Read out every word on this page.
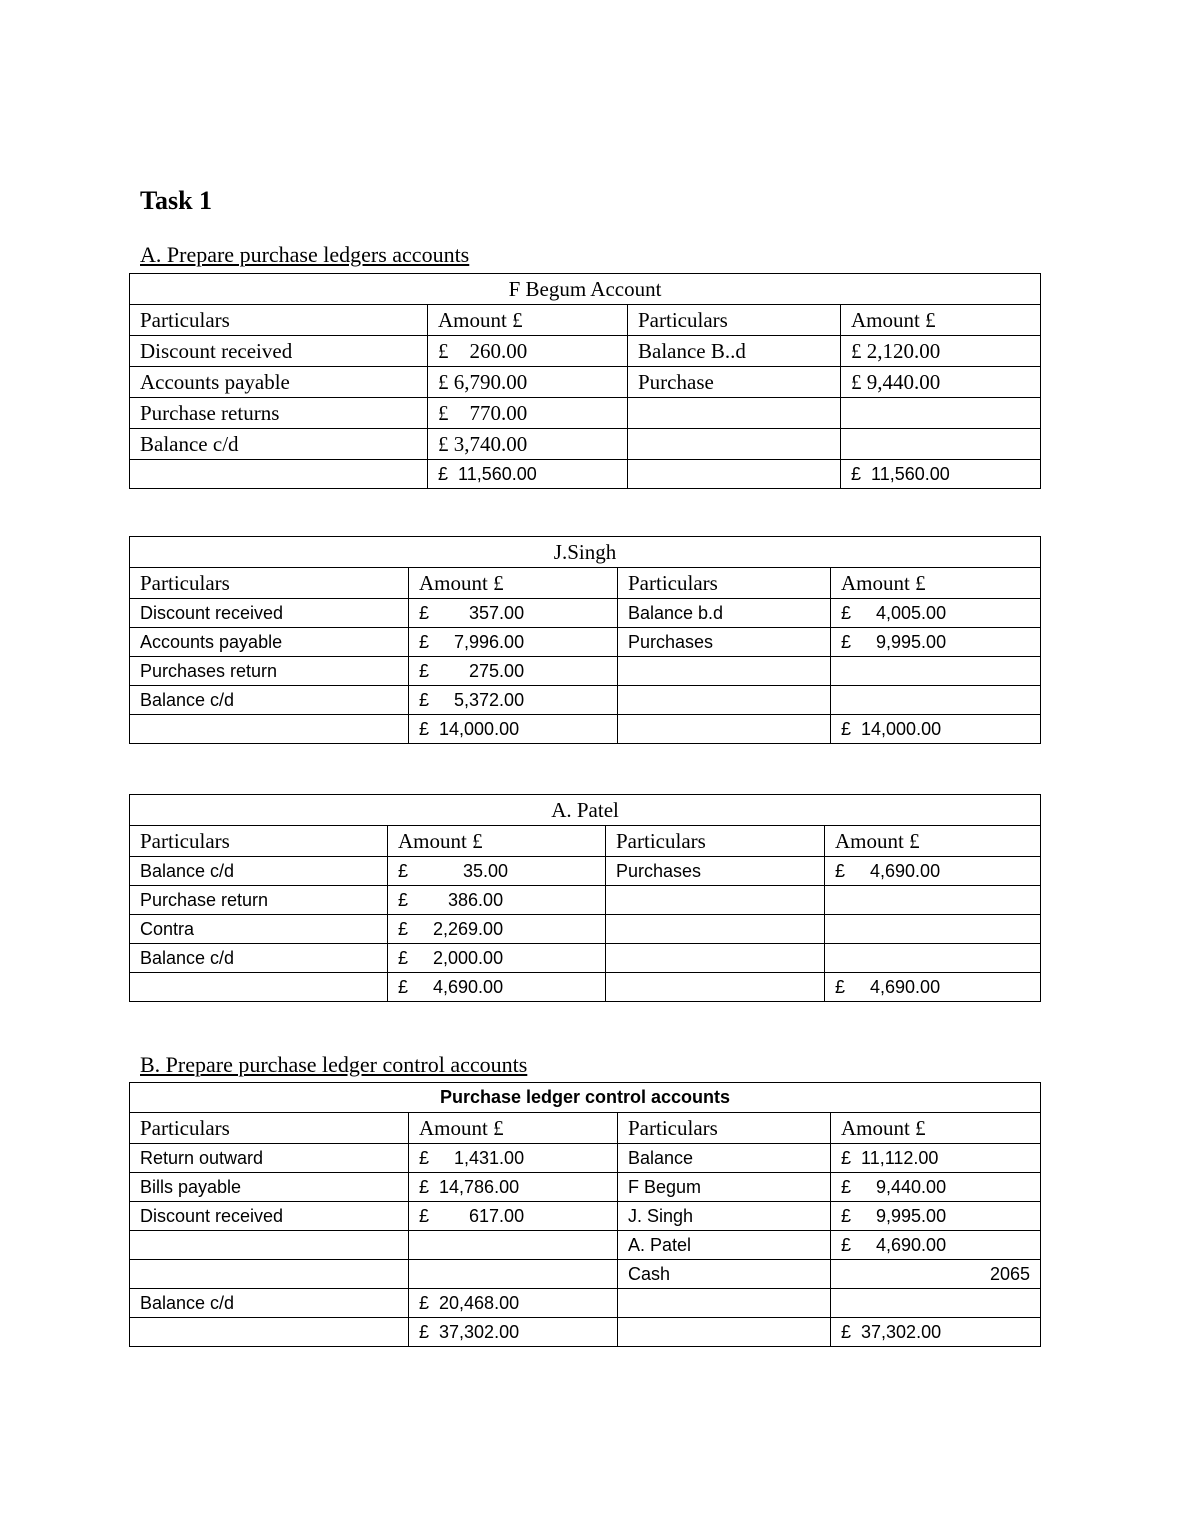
Task 1
A. Prepare purchase ledgers accounts
F Begum Account			
Particulars	Amount £	Particulars	Amount £
Discount received	£    260.00	Balance B..d	£ 2,120.00
Accounts payable	£ 6,790.00	Purchase	£ 9,440.00
Purchase returns	£    770.00		
Balance c/d	£ 3,740.00		
	£  11,560.00		£  11,560.00
J.Singh			
Particulars	Amount £	Particulars	Amount £
Discount received	£        357.00	Balance b.d	£     4,005.00
Accounts payable	£     7,996.00	Purchases	£     9,995.00
Purchases return	£        275.00		
Balance c/d	£     5,372.00		
	£  14,000.00		£  14,000.00
A. Patel			
Particulars	Amount £	Particulars	Amount £
Balance c/d	£           35.00	Purchases	£     4,690.00
Purchase return	£        386.00		
Contra	£     2,269.00		
Balance c/d	£     2,000.00		
	£     4,690.00		£     4,690.00
B. Prepare purchase ledger control accounts
Purchase ledger control accounts			
Particulars	Amount £	Particulars	Amount £
Return outward	£     1,431.00	Balance	£  11,112.00
Bills payable	£  14,786.00	F Begum	£     9,440.00
Discount received	£        617.00	J. Singh	£     9,995.00
		A. Patel	£     4,690.00
		Cash	2065
Balance c/d	£  20,468.00		
	£  37,302.00		£  37,302.00
